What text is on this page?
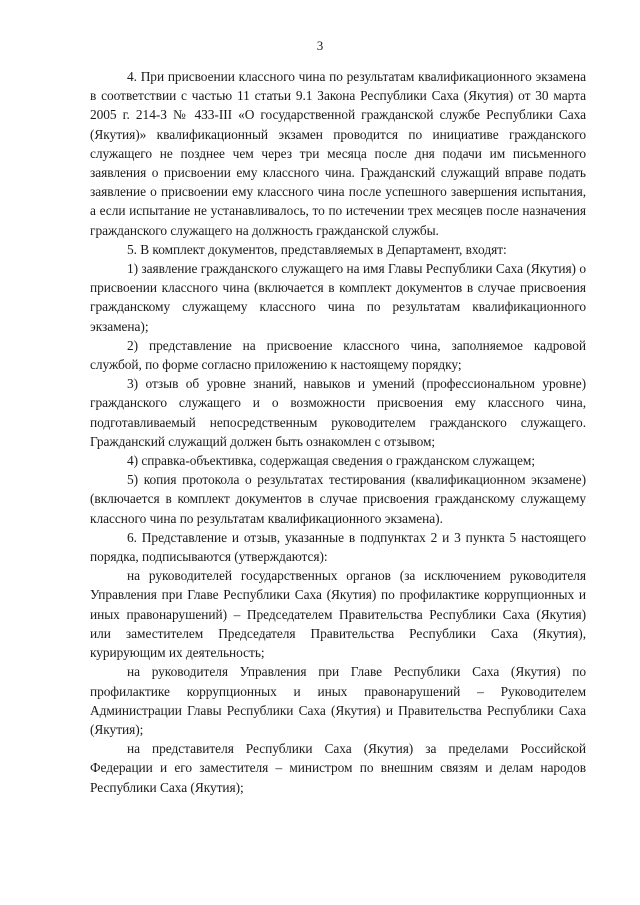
3

4. При присвоении классного чина по результатам квалификационного экзамена в соответствии с частью 11 статьи 9.1 Закона Республики Саха (Якутия) от 30 марта 2005 г. 214-З № 433-III «О государственной гражданской службе Республики Саха (Якутия)» квалификационный экзамен проводится по инициативе гражданского служащего не позднее чем через три месяца после дня подачи им письменного заявления о присвоении ему классного чина. Гражданский служащий вправе подать заявление о присвоении ему классного чина после успешного завершения испытания, а если испытание не устанавливалось, то по истечении трех месяцев после назначения гражданского служащего на должность гражданской службы.

5. В комплект документов, представляемых в Департамент, входят:

1) заявление гражданского служащего на имя Главы Республики Саха (Якутия) о присвоении классного чина (включается в комплект документов в случае присвоения гражданскому служащему классного чина по результатам квалификационного экзамена);

2) представление на присвоение классного чина, заполняемое кадровой службой, по форме согласно приложению к настоящему порядку;

3) отзыв об уровне знаний, навыков и умений (профессиональном уровне) гражданского служащего и о возможности присвоения ему классного чина, подготавливаемый непосредственным руководителем гражданского служащего. Гражданский служащий должен быть ознакомлен с отзывом;

4) справка-объективка, содержащая сведения о гражданском служащем;

5) копия протокола о результатах тестирования (квалификационном экзамене) (включается в комплект документов в случае присвоения гражданскому служащему классного чина по результатам квалификационного экзамена).

6. Представление и отзыв, указанные в подпунктах 2 и 3 пункта 5 настоящего порядка, подписываются (утверждаются):

на руководителей государственных органов (за исключением руководителя Управления при Главе Республики Саха (Якутия) по профилактике коррупционных и иных правонарушений) – Председателем Правительства Республики Саха (Якутия) или заместителем Председателя Правительства Республики Саха (Якутия), курирующим их деятельность;

на руководителя Управления при Главе Республики Саха (Якутия) по профилактике коррупционных и иных правонарушений – Руководителем Администрации Главы Республики Саха (Якутия) и Правительства Республики Саха (Якутия);

на представителя Республики Саха (Якутия) за пределами Российской Федерации и его заместителя – министром по внешним связям и делам народов Республики Саха (Якутия);
